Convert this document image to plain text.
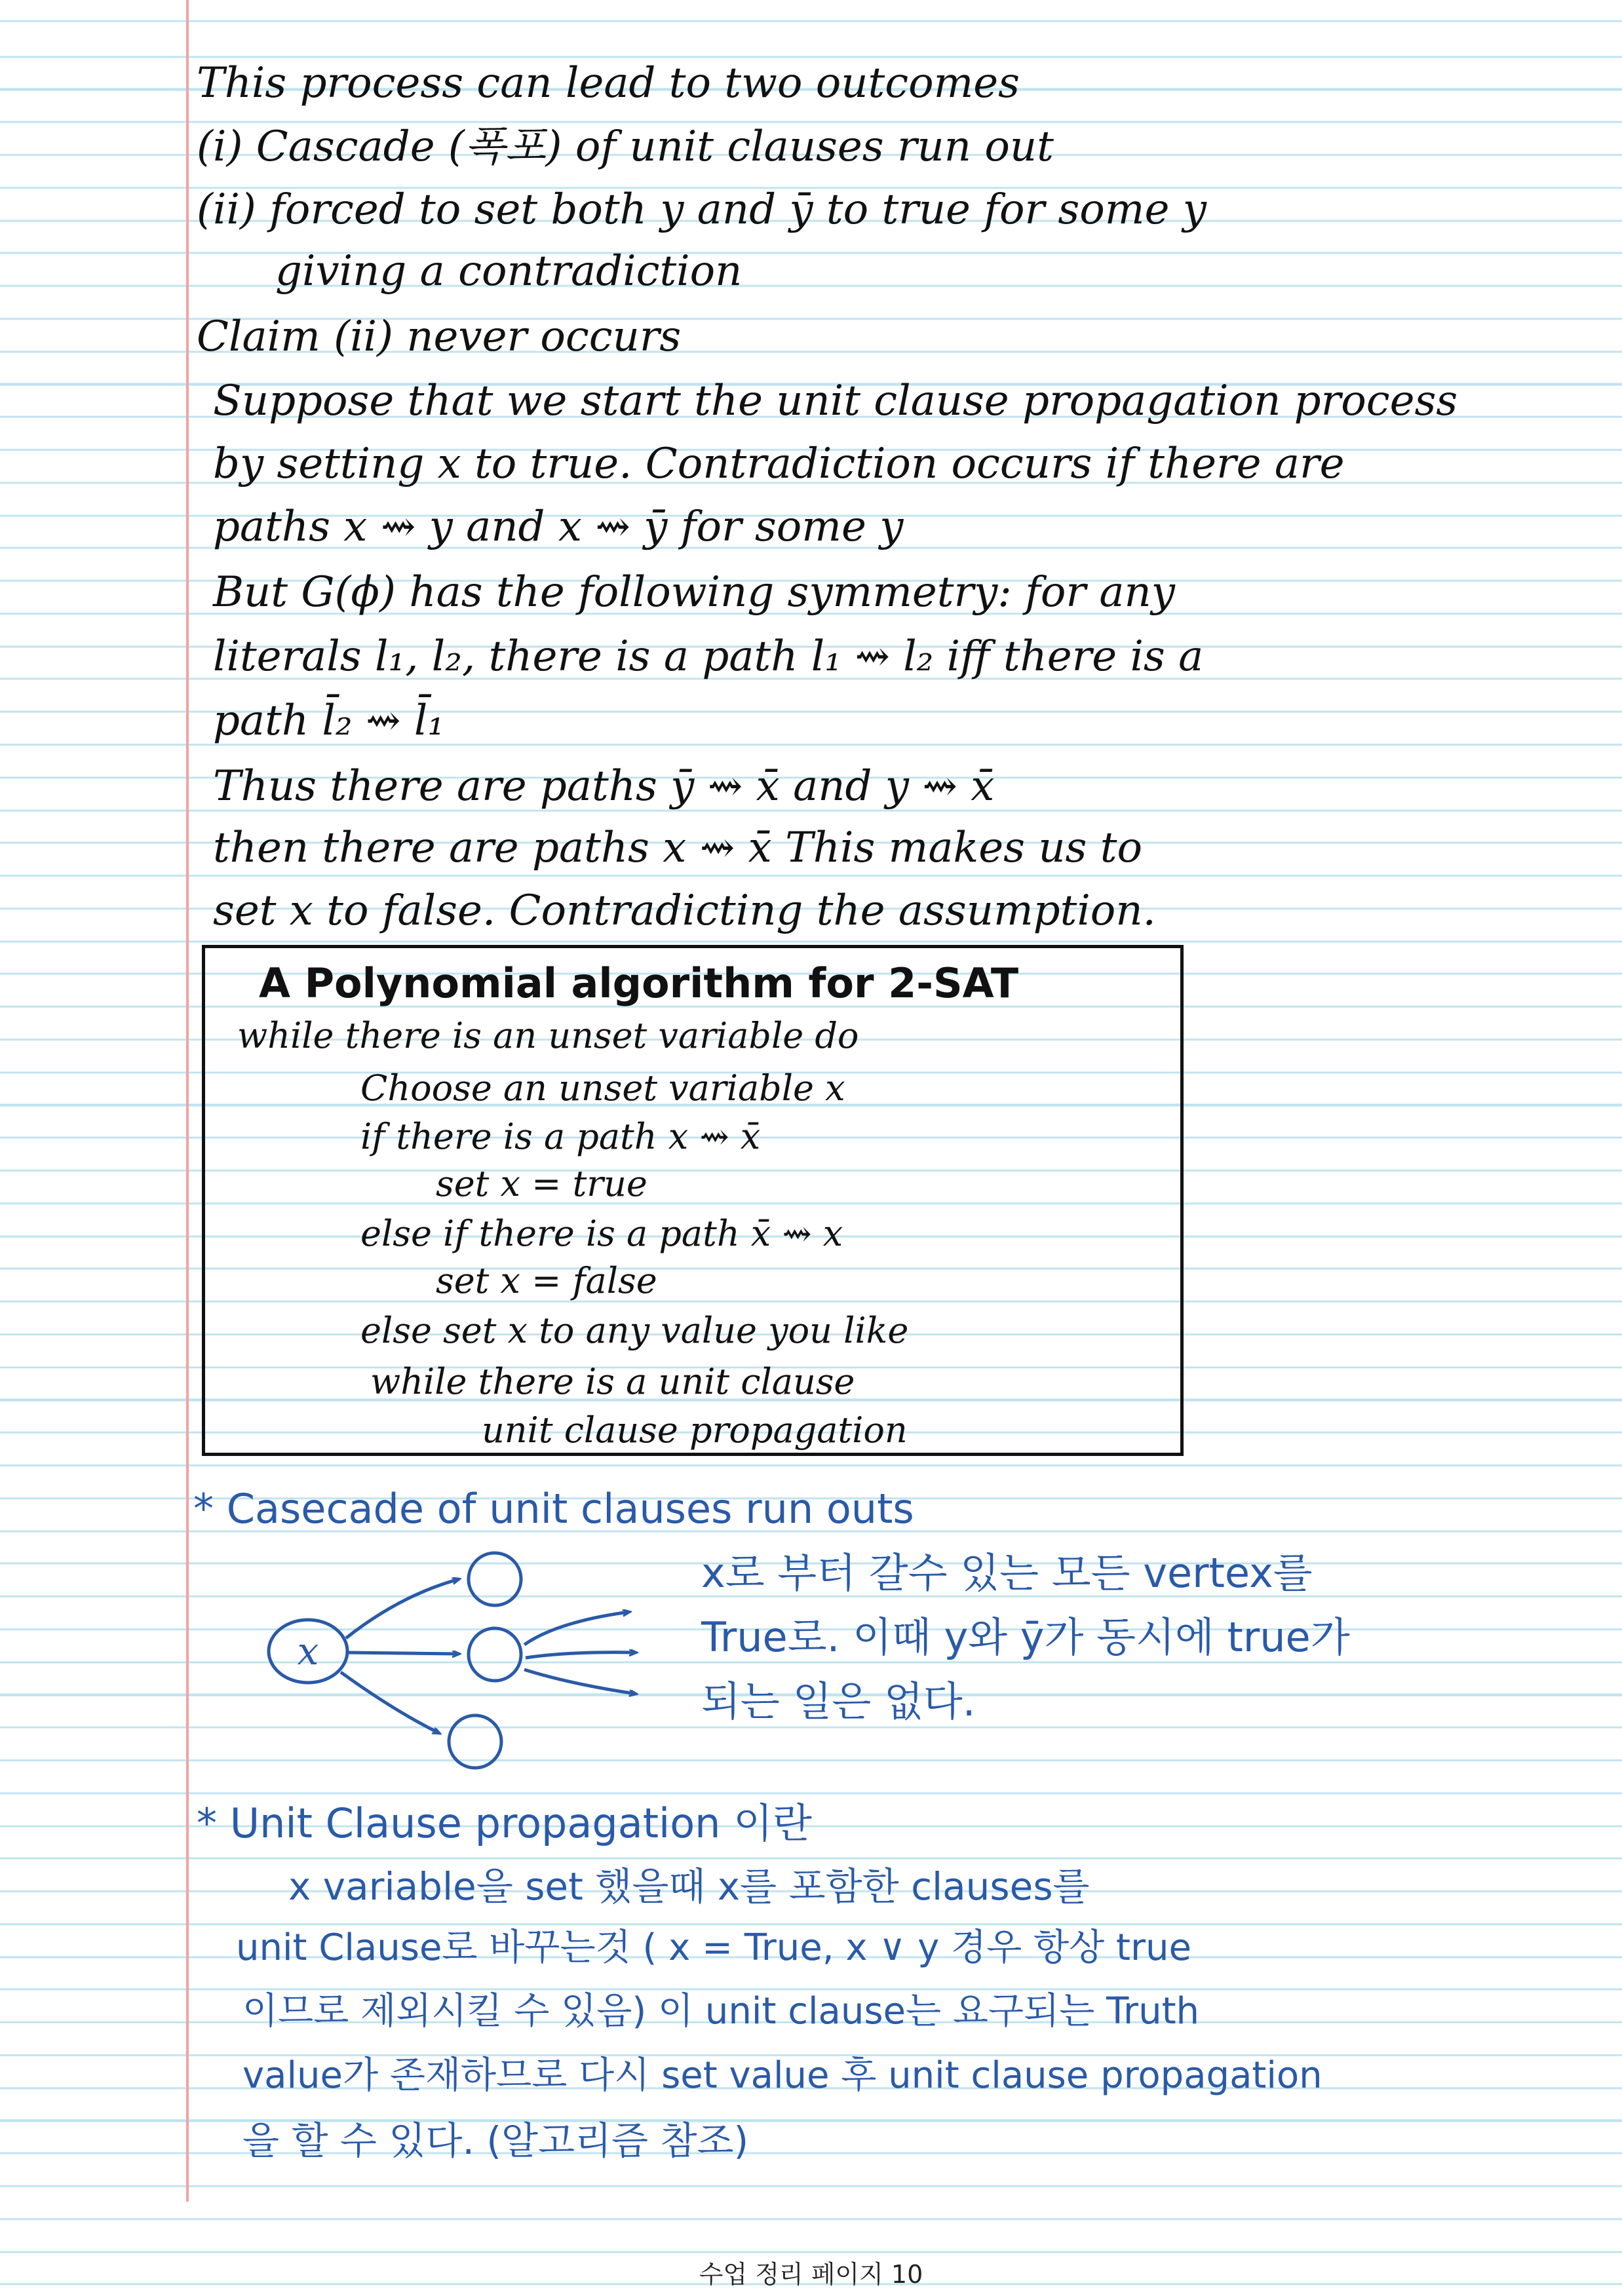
This process can lead to two outcomes
(i) Cascade (폭포) of unit clauses run out
(ii) forced to set both y and ȳ to true for some y
giving a contradiction
Claim (ii) never occurs
Suppose that we start the unit clause propagation process
by setting x to true. Contradiction occurs if there are
paths x ⇝ y and x ⇝ ȳ for some y
But G(ϕ) has the following symmetry: for any
literals l₁, l₂, there is a path l₁ ⇝ l₂ iff there is a
path l̄₂ ⇝ l̄₁
Thus there are paths ȳ ⇝ x̄ and y ⇝ x̄
then there are paths x ⇝ x̄ This makes us to
set x to false. Contradicting the assumption.
A Polynomial algorithm for 2-SAT
while there is an unset variable do
Choose an unset variable x
if there is a path x ⇝ x̄
set x = true
else if there is a path x̄ ⇝ x
set x = false
else set x to any value you like
while there is a unit clause
unit clause propagation
* Casecade of unit clauses run outs
x
x로 부터 갈수 있는 모든 vertex를
True로. 이때 y와 ȳ가 동시에 true가
되는 일은 없다.
* Unit Clause propagation 이란
x variable을 set 했을때 x를 포함한 clauses를
unit Clause로 바꾸는것 ( x = True, x ∨ y 경우 항상 true
이므로 제외시킬 수 있음) 이 unit clause는 요구되는 Truth
value가 존재하므로 다시 set value 후 unit clause propagation
을 할 수 있다. (알고리즘 참조)
수업 정리 페이지 10
